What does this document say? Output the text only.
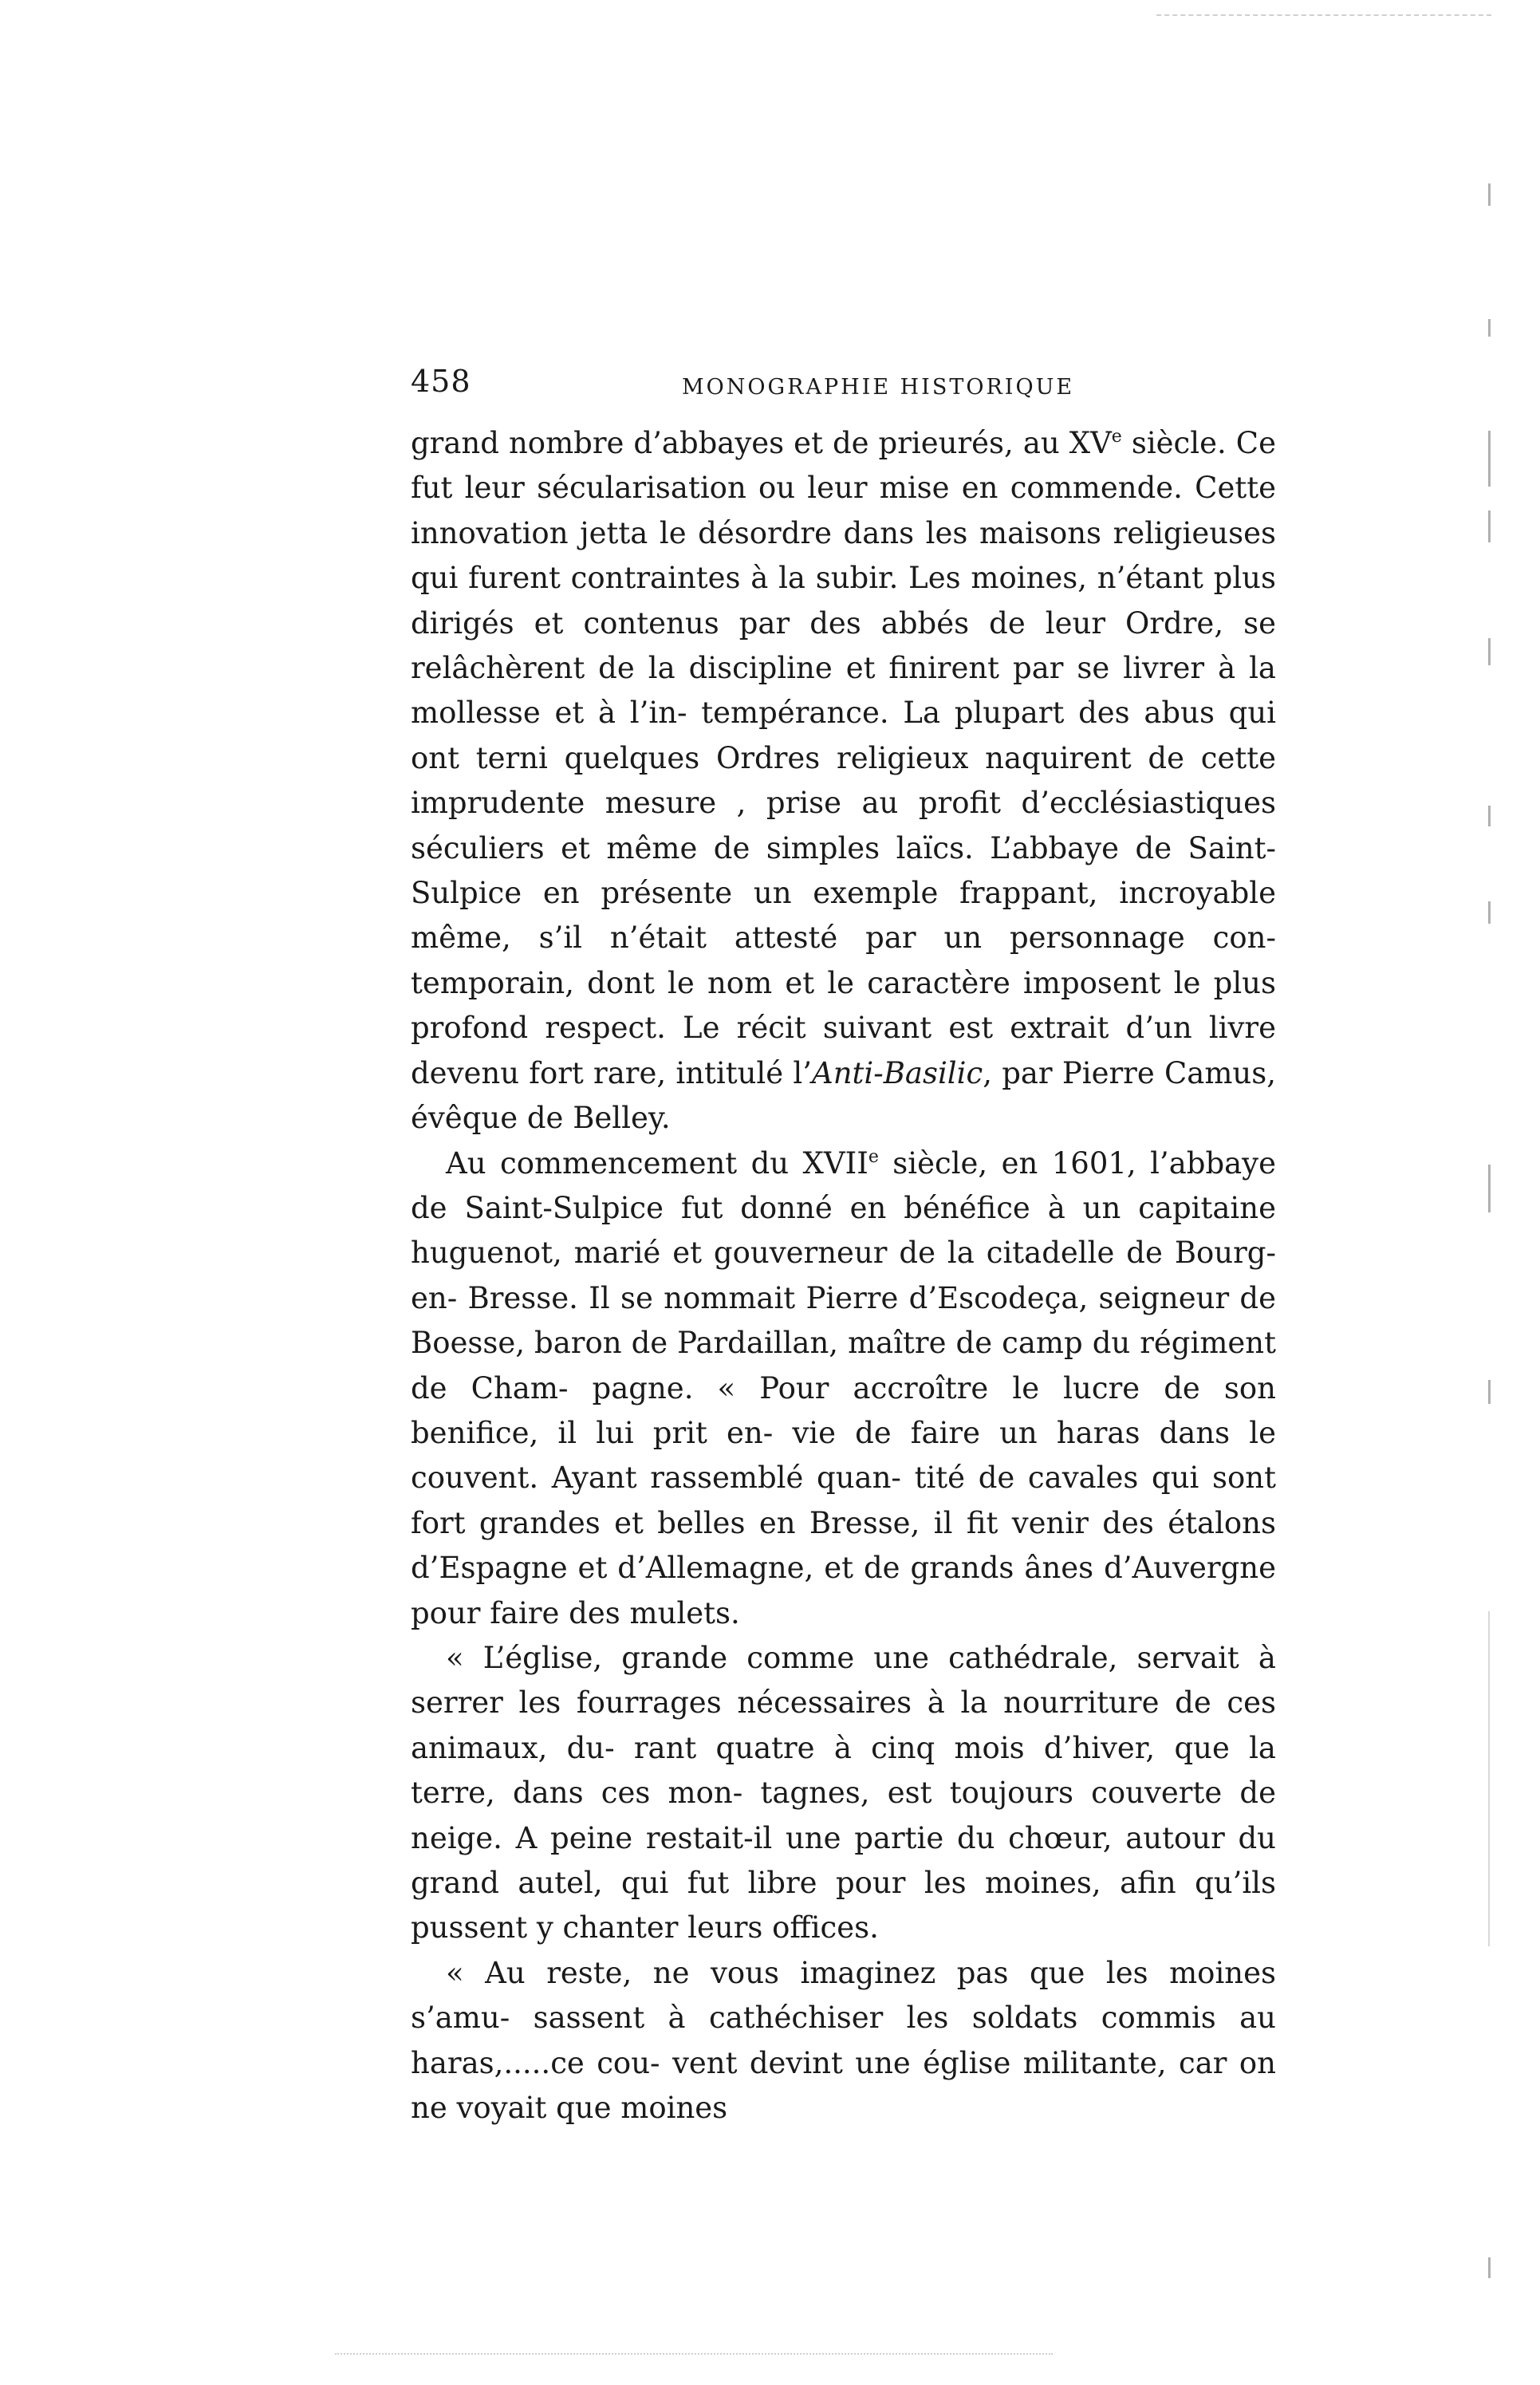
458	MONOGRAPHIE HISTORIQUE

grand nombre d’abbayes et de prieurés, au XVe siècle. Ce fut leur sécularisation ou leur mise en commende. Cette innovation jetta le désordre dans les maisons religieuses qui furent contraintes à la subir. Les moines, n’étant plus dirigés et contenus par des abbés de leur Ordre, se relâchèrent de la discipline et finirent par se livrer à la mollesse et à l’in- tempérance. La plupart des abus qui ont terni quelques Ordres religieux naquirent de cette imprudente mesure , prise au profit d’ecclésiastiques séculiers et même de simples laïcs. L’abbaye de Saint-Sulpice en présente un exemple frappant, incroyable même, s’il n’était attesté par un personnage con- temporain, dont le nom et le caractère imposent le plus profond respect. Le récit suivant est extrait d’un livre devenu fort rare, intitulé l’Anti-Basilic, par Pierre Camus, évêque de Belley.

Au commencement du XVIIe siècle, en 1601, l’abbaye de Saint-Sulpice fut donné en bénéfice à un capitaine huguenot, marié et gouverneur de la citadelle de Bourg-en- Bresse. Il se nommait Pierre d’Escodeça, seigneur de Boesse, baron de Pardaillan, maître de camp du régiment de Cham- pagne. « Pour accroître le lucre de son benifice, il lui prit en- vie de faire un haras dans le couvent. Ayant rassemblé quan- tité de cavales qui sont fort grandes et belles en Bresse, il fit venir des étalons d’Espagne et d’Allemagne, et de grands ânes d’Auvergne pour faire des mulets.

« L’église, grande comme une cathédrale, servait à serrer les fourrages nécessaires à la nourriture de ces animaux, du- rant quatre à cinq mois d’hiver, que la terre, dans ces mon- tagnes, est toujours couverte de neige. A peine restait-il une partie du chœur, autour du grand autel, qui fut libre pour les moines, afin qu’ils pussent y chanter leurs offices.

« Au reste, ne vous imaginez pas que les moines s’amu- sassent à cathéchiser les soldats commis au haras,.....ce cou- vent devint une église militante, car on ne voyait que moines
